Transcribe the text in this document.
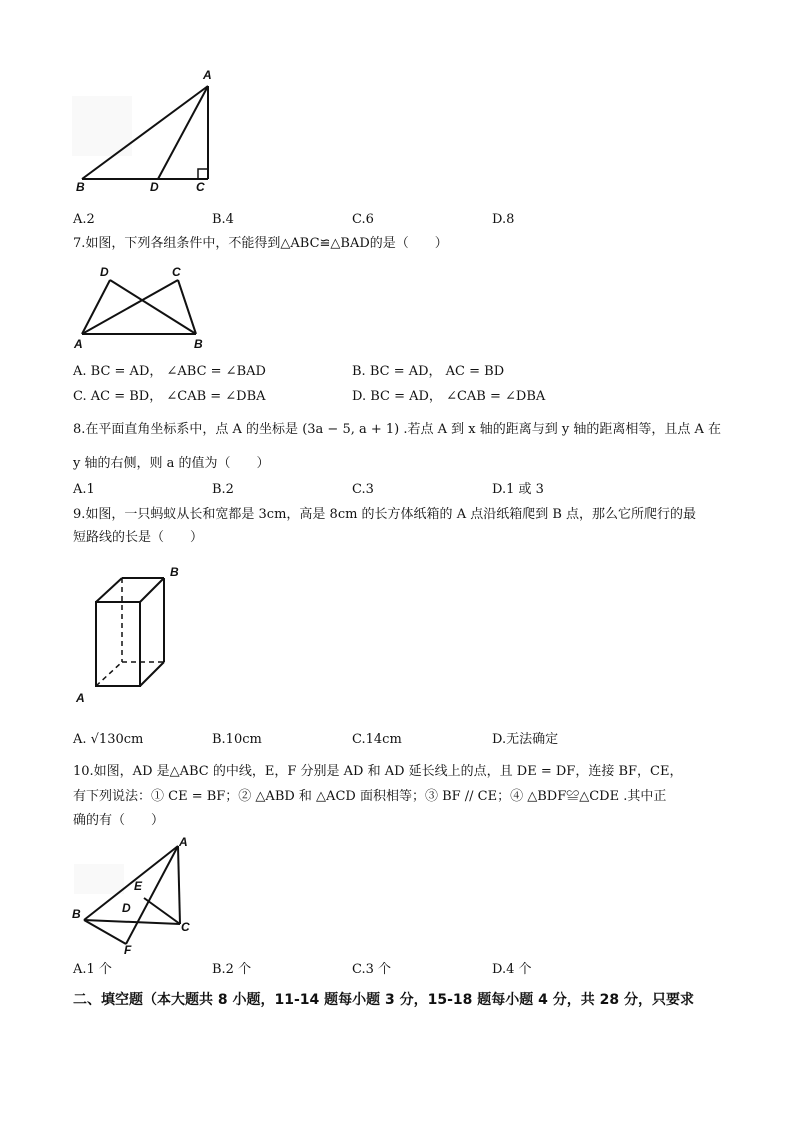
A
B	D	C
A.2	B.4	C.6	D.8
7.如图，下列各组条件中，不能得到△ABC≌△BAD的是（　　）
D	C
A	B
A. BC = AD， ∠ABC = ∠BAD	B. BC = AD， AC = BD
C. AC = BD， ∠CAB = ∠DBA	D. BC = AD， ∠CAB = ∠DBA
8.在平面直角坐标系中，点 A 的坐标是 (3a − 5, a + 1) .若点 A 到 x 轴的距离与到 y 轴的距离相等，且点 A 在
y 轴的右侧，则 a 的值为（　　）
A.1	B.2	C.3	D.1 或 3
9.如图，一只蚂蚁从长和宽都是 3cm，高是 8cm 的长方体纸箱的 A 点沿纸箱爬到 B 点，那么它所爬行的最
短路线的长是（　　）
B
A
A. √130cm	B.10cm	C.14cm	D.无法确定
10.如图，AD 是△ABC 的中线，E，F 分别是 AD 和 AD 延长线上的点，且 DE = DF，连接 BF，CE，
有下列说法：① CE = BF；② △ABD 和 △ACD 面积相等；③ BF // CE；④ △BDF≌△CDE .其中正
确的有（　　）
A
E
D
B
C
F
A.1 个	B.2 个	C.3 个	D.4 个
二、填空题（本大题共 8 小题，11-14 题每小题 3 分，15-18 题每小题 4 分，共 28 分，只要求
